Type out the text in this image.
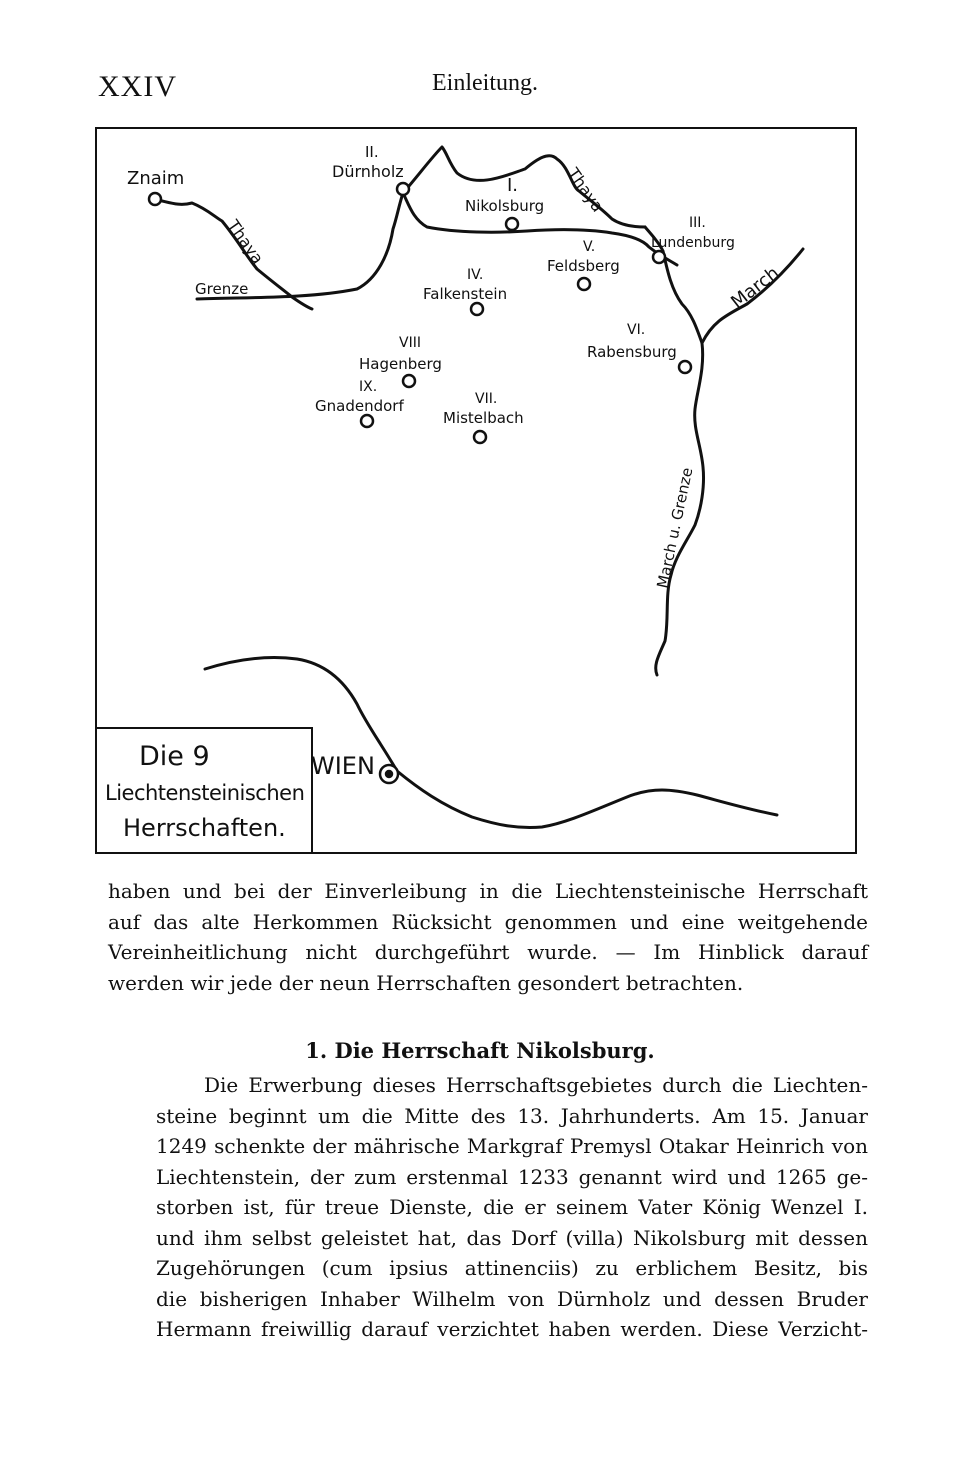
XXIV	Einleitung.
Znaim	Dürnholz
II.
I.
Nikolsburg Thaya
Thaya	III.
Lundenburg
V.
Feldsberg	March
Grenze
IV.
Falkenstein
VI.
Rabensburg
VIII
Hagenberg
IX.
Gnadendorf	VII.
Mistelbach
March u. Grenze
Die 9
Liechtensteinischen
Herrschaften.
WIEN
haben und bei der Einverleibung in die Liechtensteinische Herrschaft
auf das alte Herkommen Rücksicht genommen und eine weitgehende
Vereinheitlichung nicht durchgeführt wurde. — Im Hinblick darauf
werden wir jede der neun Herrschaften gesondert betrachten.
1. Die Herrschaft Nikolsburg.
Die Erwerbung dieses Herrschaftsgebietes durch die Liechten-
steine beginnt um die Mitte des 13. Jahrhunderts. Am 15. Januar
1249 schenkte der mährische Markgraf Premysl Otakar Heinrich von
Liechtenstein, der zum erstenmal 1233 genannt wird und 1265 ge-
storben ist, für treue Dienste, die er seinem Vater König Wenzel I.
und ihm selbst geleistet hat, das Dorf (villa) Nikolsburg mit dessen
Zugehörungen (cum ipsius attinenciis) zu erblichem Besitz, bis
die bisherigen Inhaber Wilhelm von Dürnholz und dessen Bruder
Hermann freiwillig darauf verzichtet haben werden. Diese Verzicht-
